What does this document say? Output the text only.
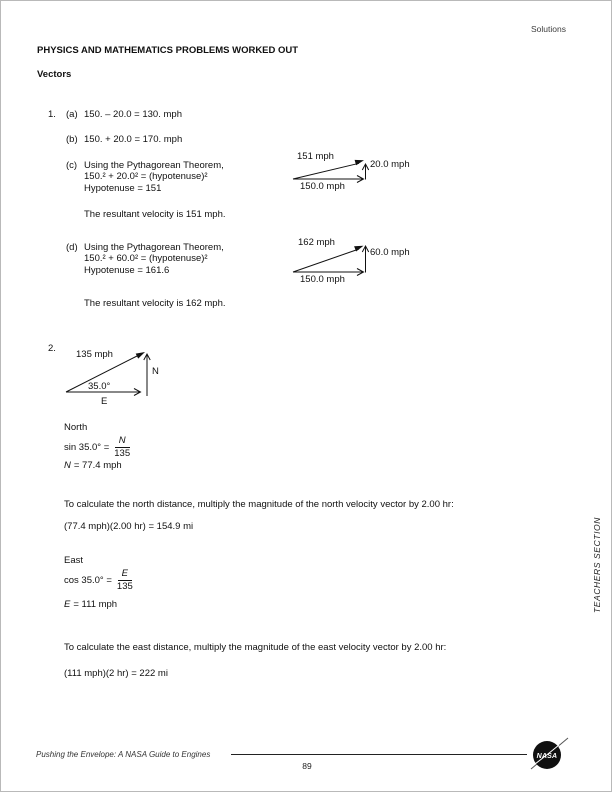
Solutions
PHYSICS AND MATHEMATICS PROBLEMS WORKED OUT
Vectors
1. (a) 150. – 20.0 = 130. mph
(b) 150. + 20.0 = 170. mph
(c) Using the Pythagorean Theorem,
150.² + 20.0² = (hypotenuse)²
Hypotenuse = 151
The resultant velocity is 151 mph.
151 mph
20.0 mph
150.0 mph
(d) Using the Pythagorean Theorem,
150.² + 60.0² = (hypotenuse)²
Hypotenuse = 161.6
The resultant velocity is 162 mph.
162 mph
60.0 mph
150.0 mph
2.
135 mph
35.0°
N
E
North
$\sin 35.0^\circ = \frac{N}{135}$
N = 77.4 mph
To calculate the north distance, multiply the magnitude of the north velocity vector by 2.00 hr:
(77.4 mph)(2.00 hr) = 154.9 mi
East
$\cos 35.0^\circ = \frac{E}{135}$
E = 111 mph
To calculate the east distance, multiply the magnitude of the east velocity vector by 2.00 hr:
(111 mph)(2 hr) = 222 mi
TEACHERS SECTION
Pushing the Envelope: A NASA Guide to Engines	NASA
89
